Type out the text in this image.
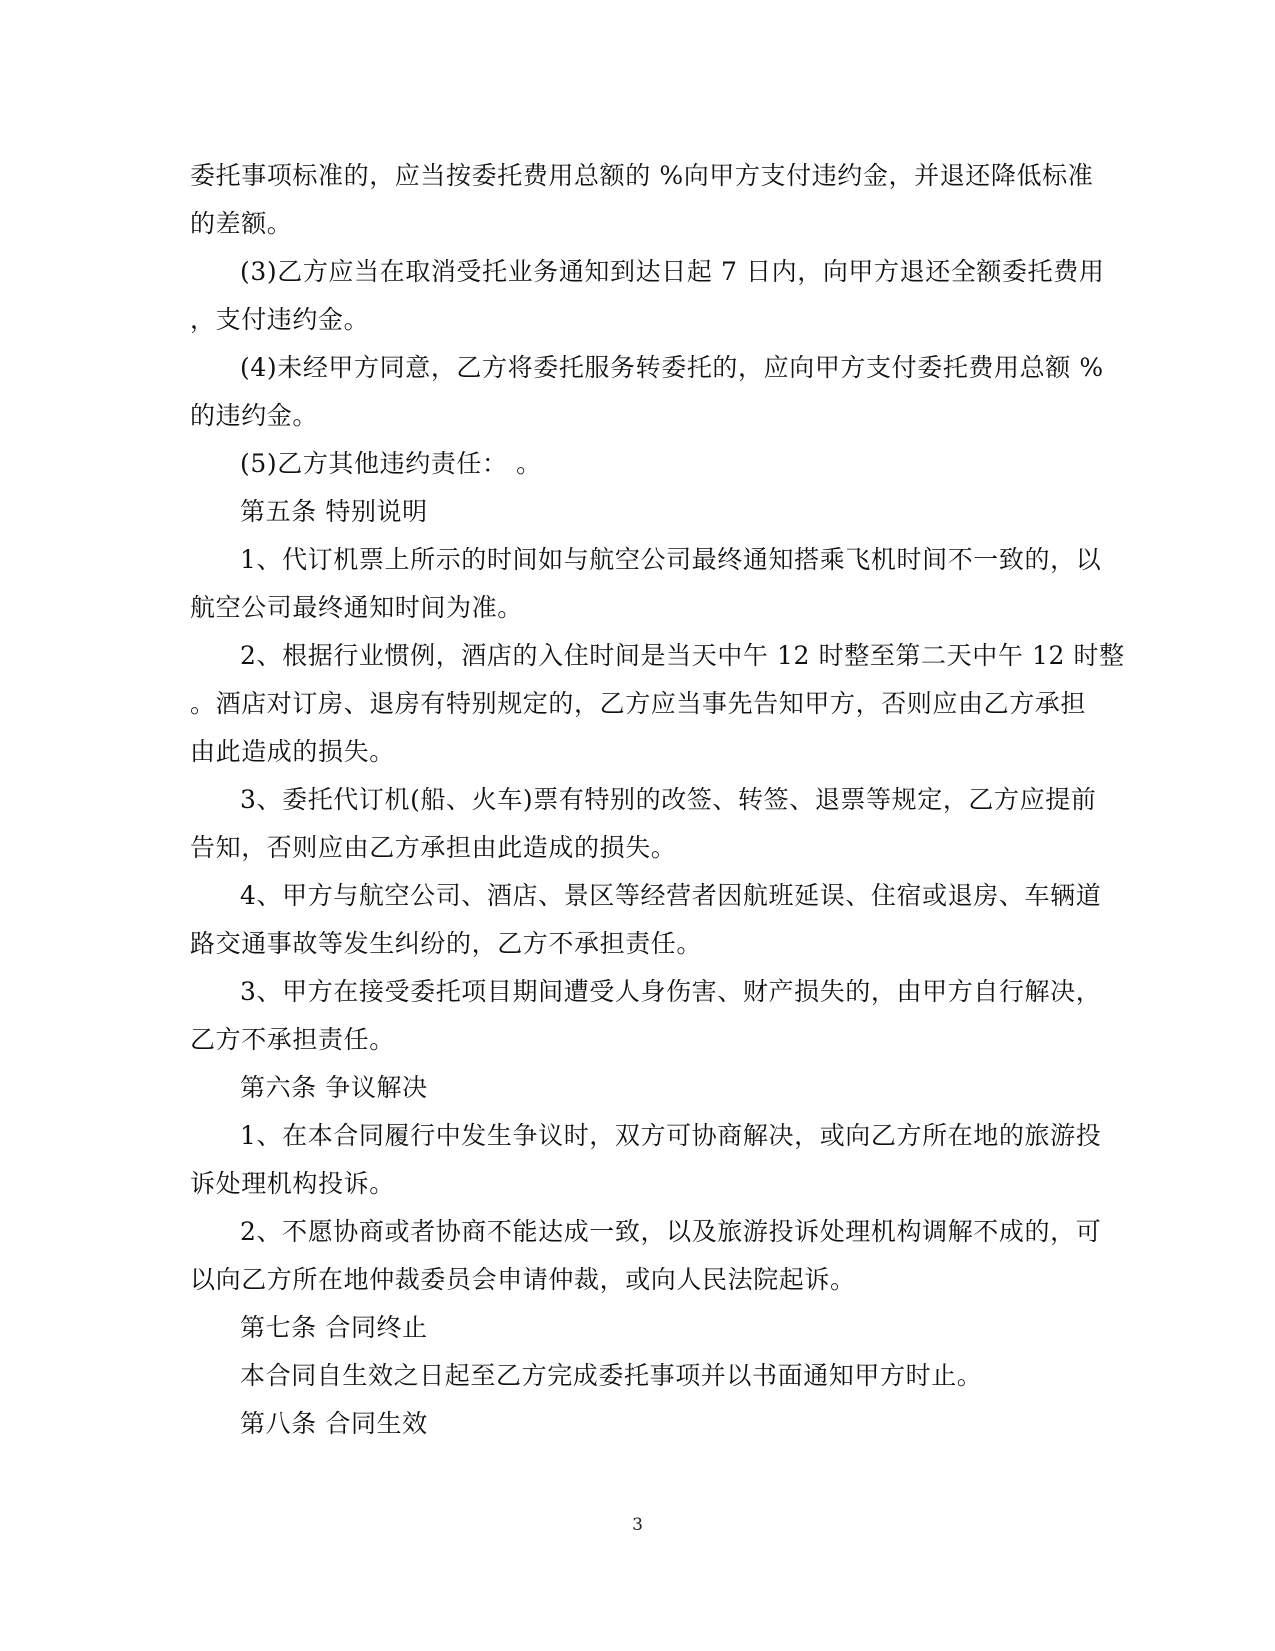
委托事项标准的，应当按委托费用总额的 %向甲方支付违约金，并退还降低标准
的差额。
(3)乙方应当在取消受托业务通知到达日起 7 日内，向甲方退还全额委托费用
，支付违约金。
(4)未经甲方同意，乙方将委托服务转委托的，应向甲方支付委托费用总额 %
的违约金。
(5)乙方其他违约责任： 。
第五条 特别说明
1、代订机票上所示的时间如与航空公司最终通知搭乘飞机时间不一致的，以
航空公司最终通知时间为准。
2、根据行业惯例，酒店的入住时间是当天中午 12 时整至第二天中午 12 时整
。酒店对订房、退房有特别规定的，乙方应当事先告知甲方，否则应由乙方承担
由此造成的损失。
3、委托代订机(船、火车)票有特别的改签、转签、退票等规定，乙方应提前
告知，否则应由乙方承担由此造成的损失。
4、甲方与航空公司、酒店、景区等经营者因航班延误、住宿或退房、车辆道
路交通事故等发生纠纷的，乙方不承担责任。
3、甲方在接受委托项目期间遭受人身伤害、财产损失的，由甲方自行解决，
乙方不承担责任。
第六条 争议解决
1、在本合同履行中发生争议时，双方可协商解决，或向乙方所在地的旅游投
诉处理机构投诉。
2、不愿协商或者协商不能达成一致，以及旅游投诉处理机构调解不成的，可
以向乙方所在地仲裁委员会申请仲裁，或向人民法院起诉。
第七条 合同终止
本合同自生效之日起至乙方完成委托事项并以书面通知甲方时止。
第八条 合同生效
3
